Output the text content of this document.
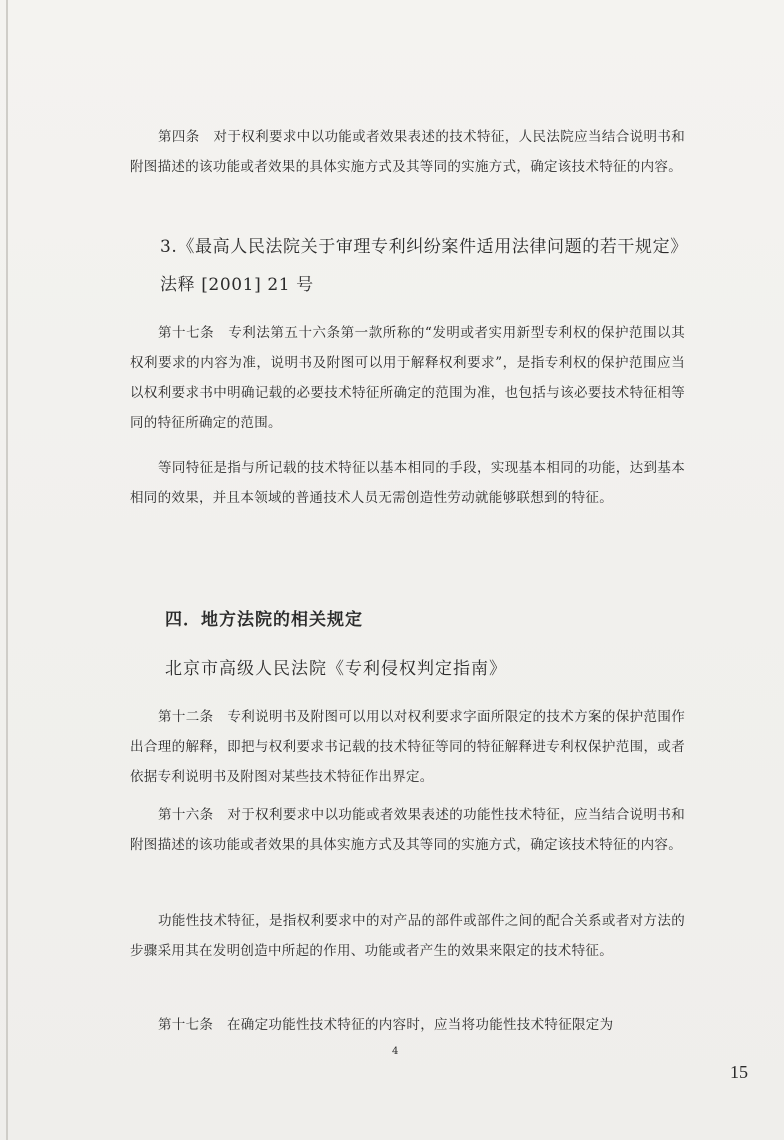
第四条　对于权利要求中以功能或者效果表述的技术特征，人民法院应当结合说明书和附图描述的该功能或者效果的具体实施方式及其等同的实施方式，确定该技术特征的内容。

3.《最高人民法院关于审理专利纠纷案件适用法律问题的若干规定》法释 [2001] 21 号

第十七条　专利法第五十六条第一款所称的“发明或者实用新型专利权的保护范围以其权利要求的内容为准，说明书及附图可以用于解释权利要求”，是指专利权的保护范围应当以权利要求书中明确记载的必要技术特征所确定的范围为准，也包括与该必要技术特征相等同的特征所确定的范围。

等同特征是指与所记载的技术特征以基本相同的手段，实现基本相同的功能，达到基本相同的效果，并且本领域的普通技术人员无需创造性劳动就能够联想到的特征。

四．地方法院的相关规定

北京市高级人民法院《专利侵权判定指南》

第十二条　专利说明书及附图可以用以对权利要求字面所限定的技术方案的保护范围作出合理的解释，即把与权利要求书记载的技术特征等同的特征解释进专利权保护范围，或者依据专利说明书及附图对某些技术特征作出界定。

第十六条　对于权利要求中以功能或者效果表述的功能性技术特征，应当结合说明书和附图描述的该功能或者效果的具体实施方式及其等同的实施方式，确定该技术特征的内容。

功能性技术特征，是指权利要求中的对产品的部件或部件之间的配合关系或者对方法的步骤采用其在发明创造中所起的作用、功能或者产生的效果来限定的技术特征。

第十七条　在确定功能性技术特征的内容时，应当将功能性技术特征限定为

4
15
